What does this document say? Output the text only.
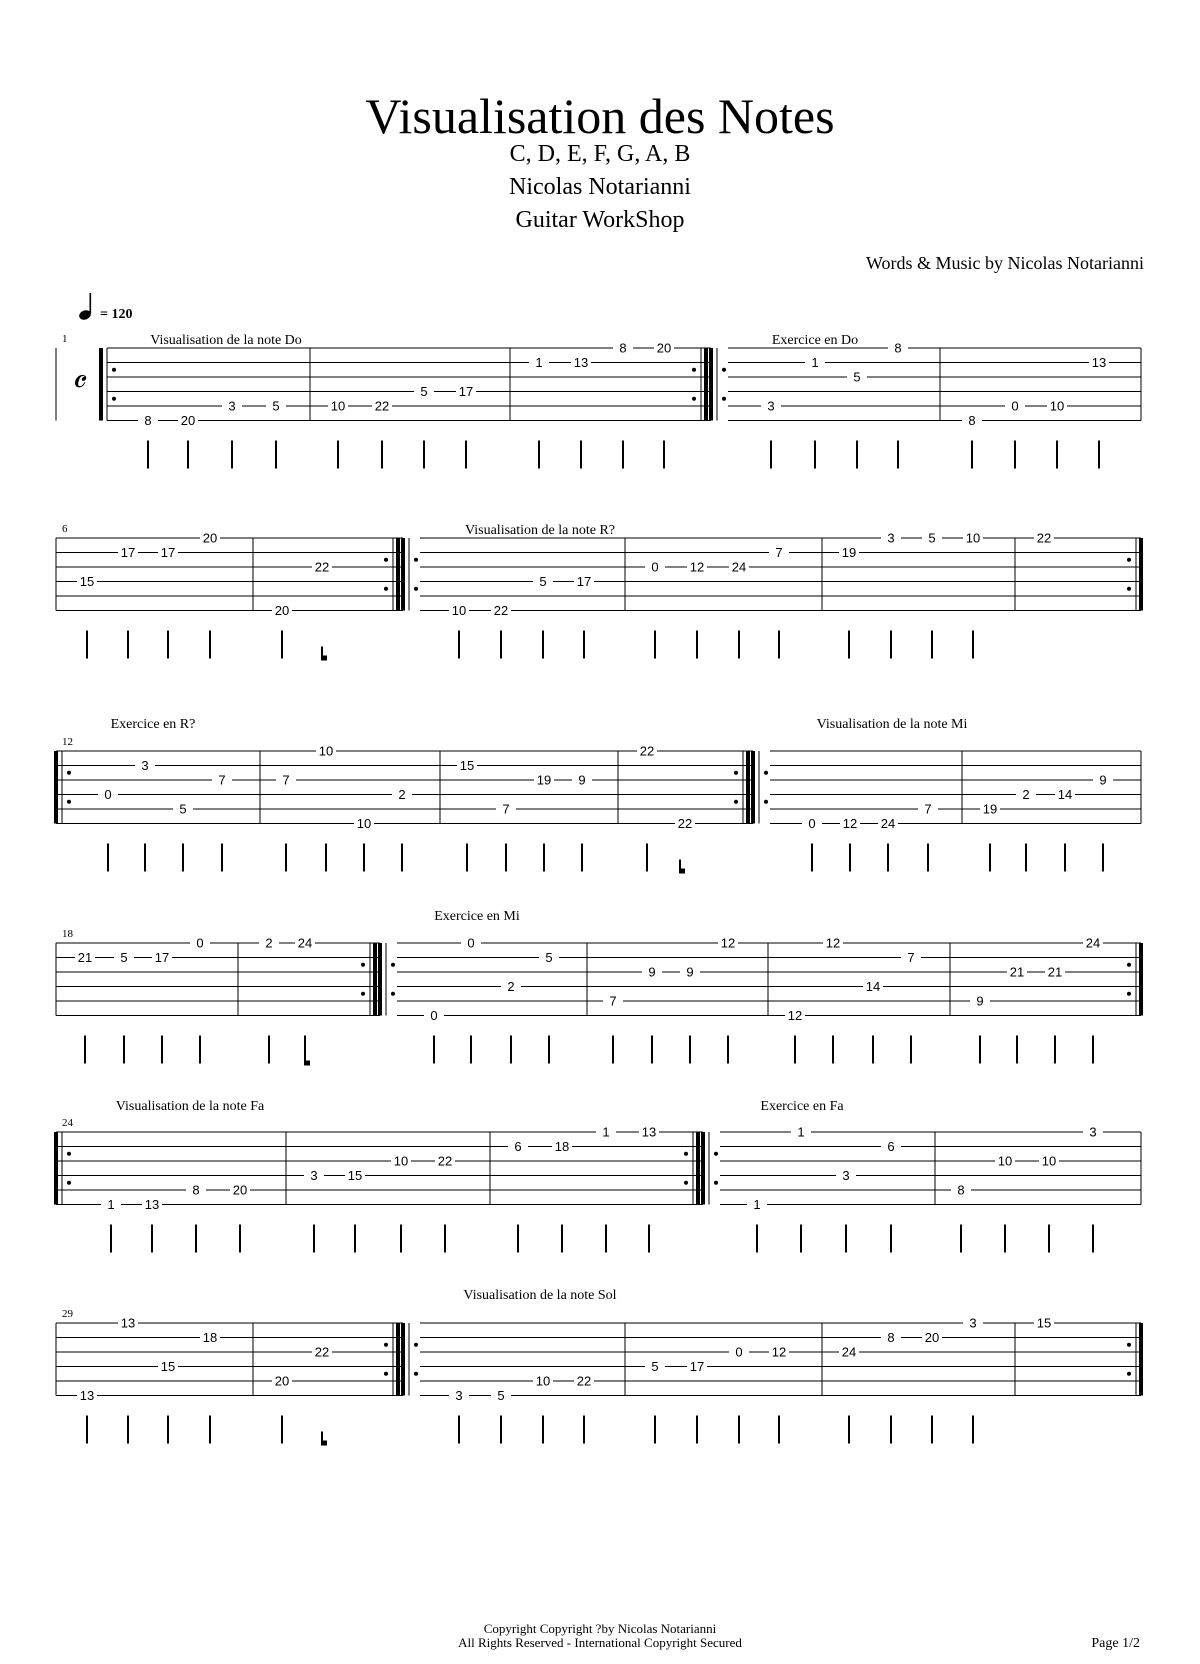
Visualisation des Notes
C, D, E, F, G, A, B
Nicolas Notarianni
Guitar WorkShop
Words & Music by Nicolas Notarianni
= 120
1	Visualisation de la note Do	Exercice en Do
𝄴
8 20
3	5	10 22
5 17
1 13
8 20
3
1
5
8
8
0 10
13
6	Visualisation de la note R?
15
17 17
20
20
22
10 22
5 17
0 12 24
7	19
3	5 10	22
12
Exercice en R?	Visualisation de la note Mi
0
3
5
7	7
10
10
2
15
7
19 9
22
22	0 12 24
7	19
2 14
9
18
Exercice en Mi
21 5 17
0	2 24
0
0
2
5
7
9 9
12	12
12
14
7
9
21 21
24
24
Visualisation de la note Fa	Exercice en Fa
1 13
8	20
3 15
10 22
6	18
1 13
1
1
3
6
8
10 10
3
29
Visualisation de la note Sol
13
13
15
18
20
22
3	5
10 22
5 17
0 12	24
8 20
3	15
Copyright Copyright ?by Nicolas Notarianni
All Rights Reserved - International Copyright Secured	Page 1/2
